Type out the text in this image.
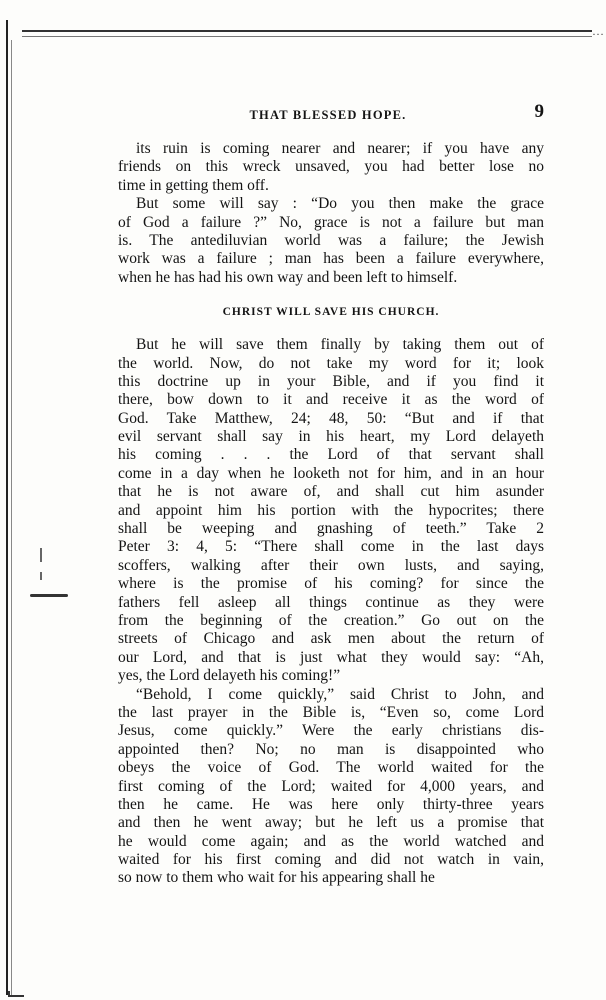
…
THAT BLESSED HOPE.	9
its ruin is coming nearer and nearer; if you have any
friends on this wreck unsaved, you had better lose no
time in getting them off.
But some will say : “Do you then make the grace
of God a failure ?” No, grace is not a failure but man
is. The antediluvian world was a failure; the Jewish
work was a failure ; man has been a failure everywhere,
when he has had his own way and been left to himself.
CHRIST WILL SAVE HIS CHURCH.
But he will save them finally by taking them out of
the world. Now, do not take my word for it; look
this doctrine up in your Bible, and if you find it
there, bow down to it and receive it as the word of
God. Take Matthew, 24; 48, 50: “But and if that
evil servant shall say in his heart, my Lord delayeth
his coming . . . the Lord of that servant shall
come in a day when he looketh not for him, and in an hour
that he is not aware of, and shall cut him asunder
and appoint him his portion with the hypocrites; there
shall be weeping and gnashing of teeth.” Take 2
Peter 3: 4, 5: “There shall come in the last days
scoffers, walking after their own lusts, and saying,
where is the promise of his coming? for since the
fathers fell asleep all things continue as they were
from the beginning of the creation.” Go out on the
streets of Chicago and ask men about the return of
our Lord, and that is just what they would say: “Ah,
yes, the Lord delayeth his coming!”
“Behold, I come quickly,” said Christ to John, and
the last prayer in the Bible is, “Even so, come Lord
Jesus, come quickly.” Were the early christians dis-
appointed then? No; no man is disappointed who
obeys the voice of God. The world waited for the
first coming of the Lord; waited for 4,000 years, and
then he came. He was here only thirty-three years
and then he went away; but he left us a promise that
he would come again; and as the world watched and
waited for his first coming and did not watch in vain,
so now to them who wait for his appearing shall he
